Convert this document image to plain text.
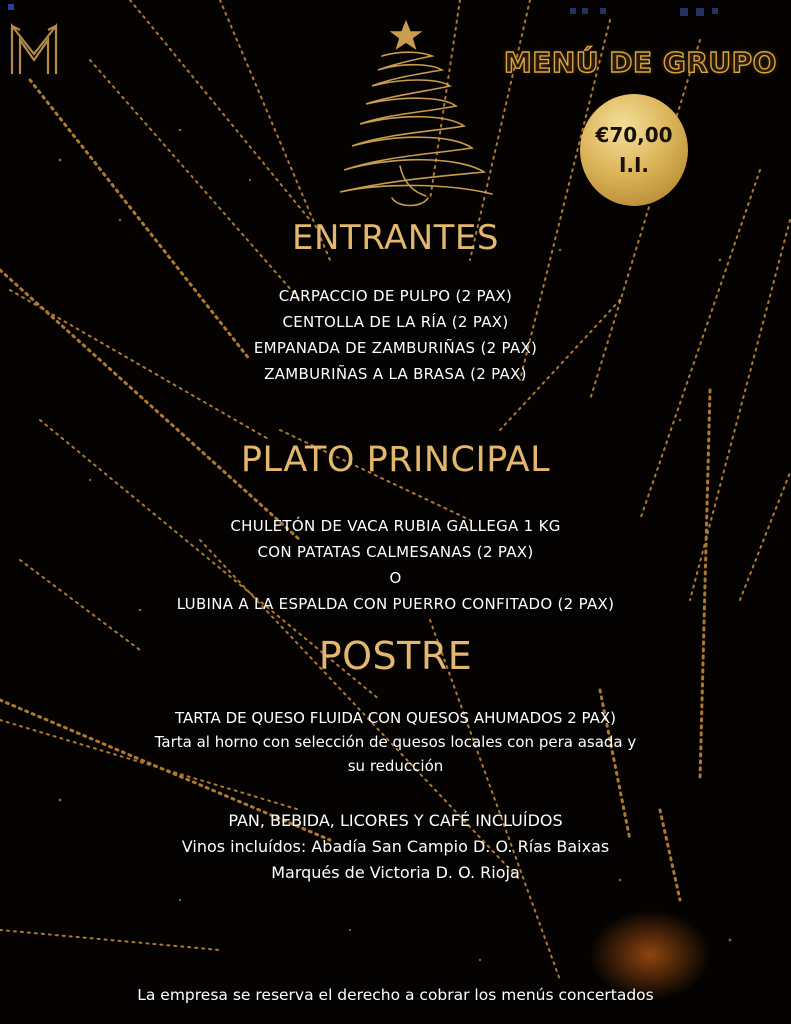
MENÚ DE GRUPO
€70,00
I.I.
ENTRANTES
CARPACCIO DE PULPO (2 PAX)
CENTOLLA DE LA RÍA (2 PAX)
EMPANADA DE ZAMBURIÑAS (2 PAX)
ZAMBURIÑAS A LA BRASA (2 PAX)
PLATO PRINCIPAL
CHULETÓN DE VACA RUBIA GALLEGA 1 KG
CON PATATAS CALMESANAS (2 PAX)
O
LUBINA A LA ESPALDA CON PUERRO CONFITADO (2 PAX)
POSTRE
TARTA DE QUESO FLUIDA CON QUESOS AHUMADOS 2 PAX)
Tarta al horno con selección de quesos locales con pera asada y
su reducción
PAN, BEBIDA, LICORES Y CAFÉ INCLUÍDOS
Vinos incluídos: Abadía San Campio D. O. Rías Baixas
Marqués de Victoria D. O. Rioja
La empresa se reserva el derecho a cobrar los menús concertados
